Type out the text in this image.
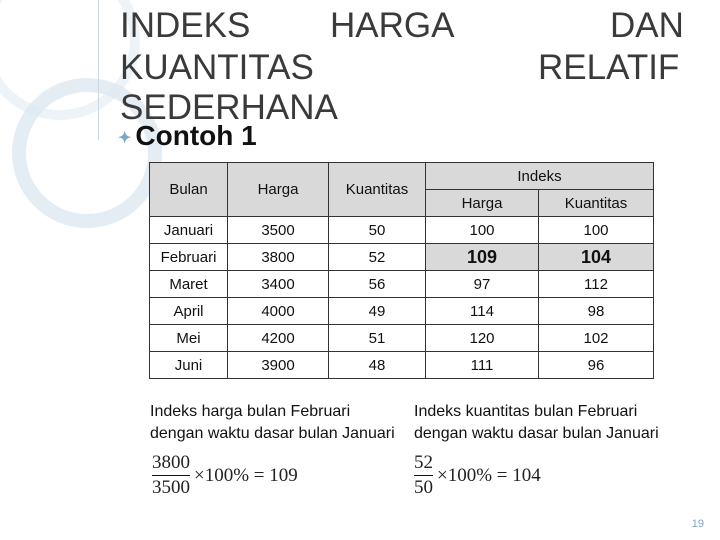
INDEKS HARGA	DAN
KUANTITAS	RELATIF
SEDERHANA
✦ Contoh 1
Bulan	Harga	Kuantitas	Indeks	
			Harga	Kuantitas
Januari	3500	50	100	100
Februari	3800	52	109	104
Maret	3400	56	97	112
April	4000	49	114	98
Mei	4200	51	120	102
Juni	3900	48	111	96
Indeks harga bulan Februari
dengan waktu dasar bulan Januari
Indeks kuantitas bulan Februari
dengan waktu dasar bulan Januari
3800
3500
×100% = 109
52
50
×100% = 104
19
